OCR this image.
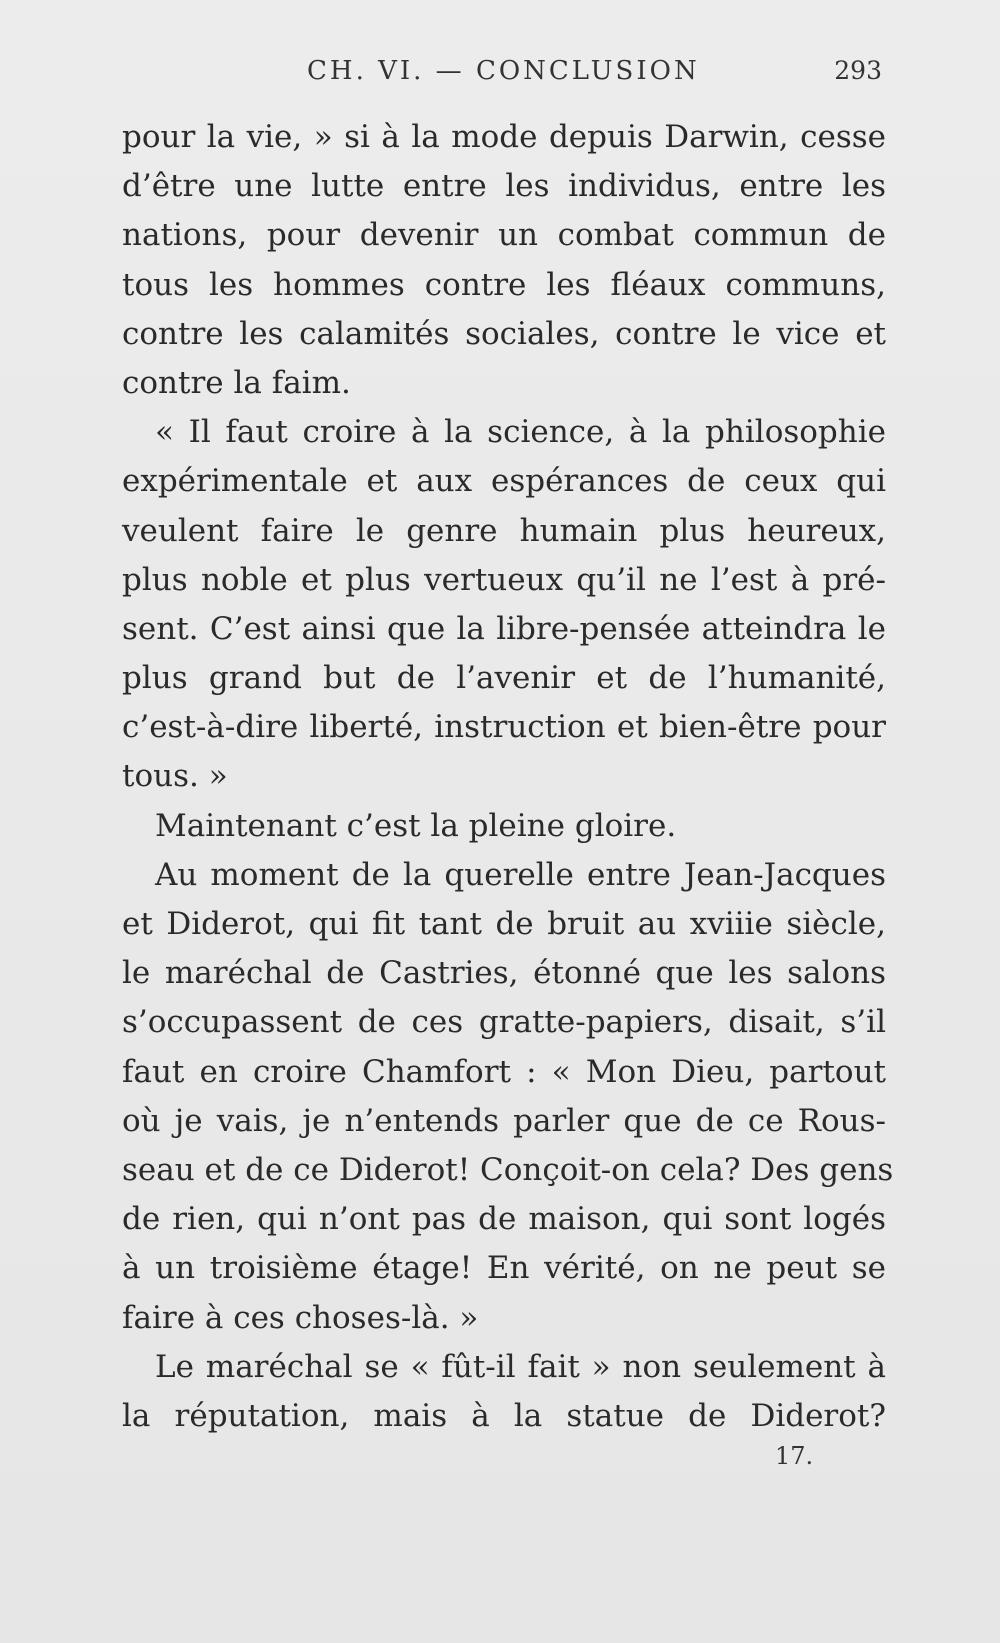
CH. VI. — CONCLUSION	293
pour la vie, » si à la mode depuis Darwin, cesse
d’être une lutte entre les individus, entre les
nations, pour devenir un combat commun de
tous les hommes contre les fléaux communs,
contre les calamités sociales, contre le vice et
contre la faim.
« Il faut croire à la science, à la philosophie
expérimentale et aux espérances de ceux qui
veulent faire le genre humain plus heureux,
plus noble et plus vertueux qu’il ne l’est à pré-
sent. C’est ainsi que la libre-pensée atteindra le
plus grand but de l’avenir et de l’humanité,
c’est-à-dire liberté, instruction et bien-être pour
tous. »
Maintenant c’est la pleine gloire.
Au moment de la querelle entre Jean-Jacques
et Diderot, qui fit tant de bruit au xviiie siècle,
le maréchal de Castries, étonné que les salons
s’occupassent de ces gratte-papiers, disait, s’il
faut en croire Chamfort : « Mon Dieu, partout
où je vais, je n’entends parler que de ce Rous-
seau et de ce Diderot! Conçoit-on cela? Des gens
de rien, qui n’ont pas de maison, qui sont logés
à un troisième étage! En vérité, on ne peut se
faire à ces choses-là. »
Le maréchal se « fût-il fait » non seulement à
la réputation, mais à la statue de Diderot?
17.
